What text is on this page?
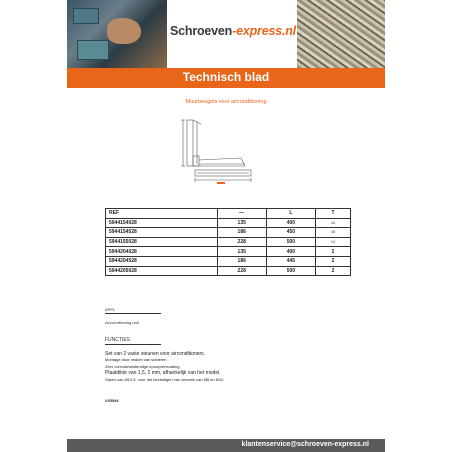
Schroeven-express.nl
Technisch blad
Muurbeugels voor airconditioning
REF	—	L	T
5944154028	135	400	14
5944154528	186	450	18
5944155028	228	500	14
5944204028	135	400	2
5944204528	186	445	2
5944205028	228	500	2
APPL
Airconditioning unit
FUNCTIES
Set van 2 vaste steunen voor airconditioners.
Montage door middel van solderen
Zeer corrosiebestendige epoxyverfcoating.
Plaatdikte van 1,5, 2 mm, afhankelijk van het model.
Gaten van Ø10,5, voor het bevestigen van deuvels van Ø8 en Ø10.
VS5944
klantenservice@schroeven-express.nl
